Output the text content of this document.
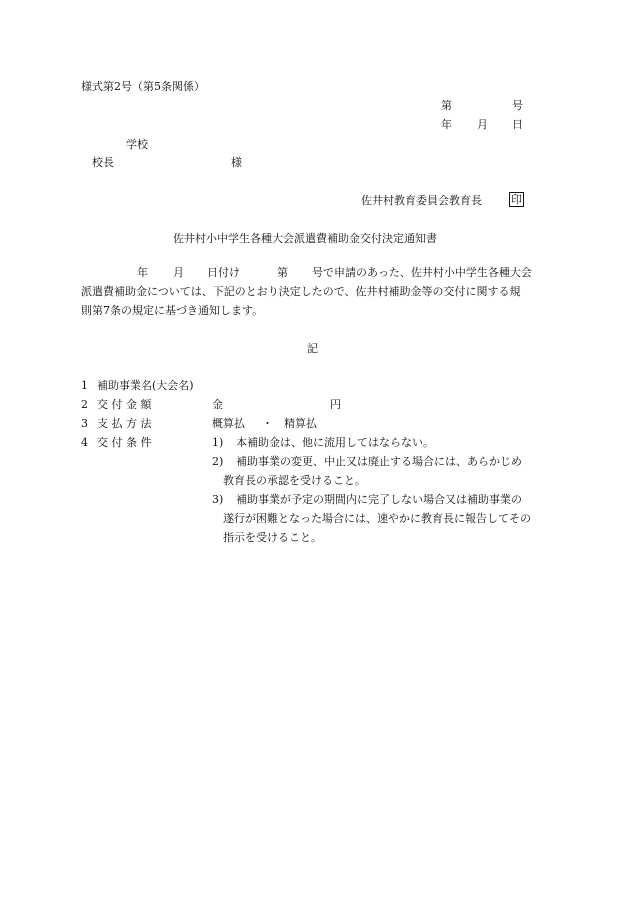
様式第2号（第5条関係）
第	号
年 月 日
学校
校長	様
佐井村教育委員会教育長	印
佐井村小中学生各種大会派遣費補助金交付決定通知書
年 月 日付け	第 号で申請のあった、佐井村小中学生各種大会
派遣費補助金については、下記のとおり決定したので、佐井村補助金等の交付に関する規
則第7条の規定に基づき通知します。
記
1 補助事業名(大会名)
2 交 付 金 額	金	円
3 支 払 方 法	概算払 ・ 精算払
4 交 付 条 件	1) 本補助金は、他に流用してはならない。
2) 補助事業の変更、中止又は廃止する場合には、あらかじめ
教育長の承認を受けること。
3) 補助事業が予定の期間内に完了しない場合又は補助事業の
遂行が困難となった場合には、速やかに教育長に報告してその
指示を受けること。
